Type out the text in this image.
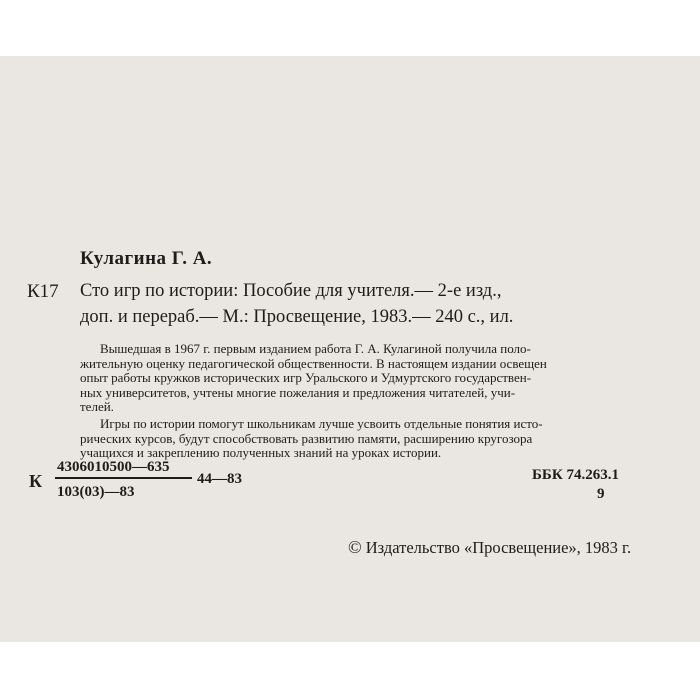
Кулагина Г. А.
К17 Сто игр по истории: Пособие для учителя.— 2-е изд.,
доп. и перераб.— М.: Просвещение, 1983.— 240 с., ил.
Вышедшая в 1967 г. первым изданием работа Г. А. Кулагиной получила поло-
жительную оценку педагогической общественности. В настоящем издании освещен
опыт работы кружков исторических игр Уральского и Удмуртского государствен-
ных университетов, учтены многие пожелания и предложения читателей, учи-
телей.
Игры по истории помогут школьникам лучше усвоить отдельные понятия исто-
рических курсов, будут способствовать развитию памяти, расширению кругозора
учащихся и закреплению полученных знаний на уроках истории.
К
4306010500—635
103(03)—83
44—83	ББК 74.263.1
9
© Издательство «Просвещение», 1983 г.
